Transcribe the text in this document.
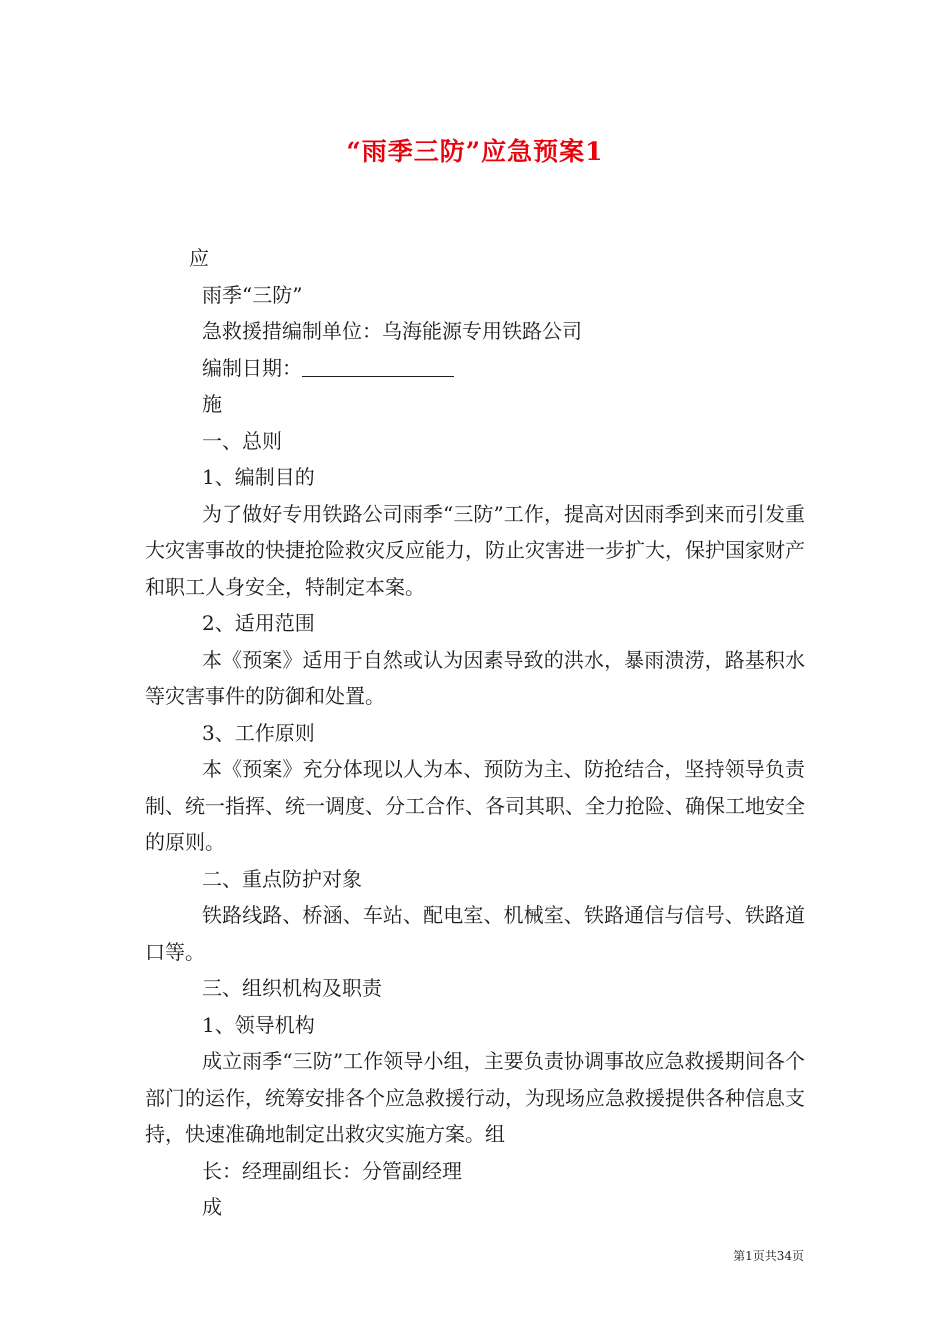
“雨季三防”应急预案1
应
雨季“三防”
急救援措编制单位：乌海能源专用铁路公司
编制日期：
施
一、总则
1、编制目的
为了做好专用铁路公司雨季“三防”工作，提高对因雨季到来而引发重大灾害事故的快捷抢险救灾反应能力，防止灾害进一步扩大，保护国家财产和职工人身安全，特制定本案。
2、适用范围
本《预案》适用于自然或认为因素导致的洪水，暴雨溃涝，路基积水等灾害事件的防御和处置。
3、工作原则
本《预案》充分体现以人为本、预防为主、防抢结合，坚持领导负责制、统一指挥、统一调度、分工合作、各司其职、全力抢险、确保工地安全的原则。
二、重点防护对象
铁路线路、桥涵、车站、配电室、机械室、铁路通信与信号、铁路道口等。
三、组织机构及职责
1、领导机构
成立雨季“三防”工作领导小组，主要负责协调事故应急救援期间各个部门的运作，统筹安排各个应急救援行动，为现场应急救援提供各种信息支持，快速准确地制定出救灾实施方案。组
长：经理副组长：分管副经理
成
第1页共34页
